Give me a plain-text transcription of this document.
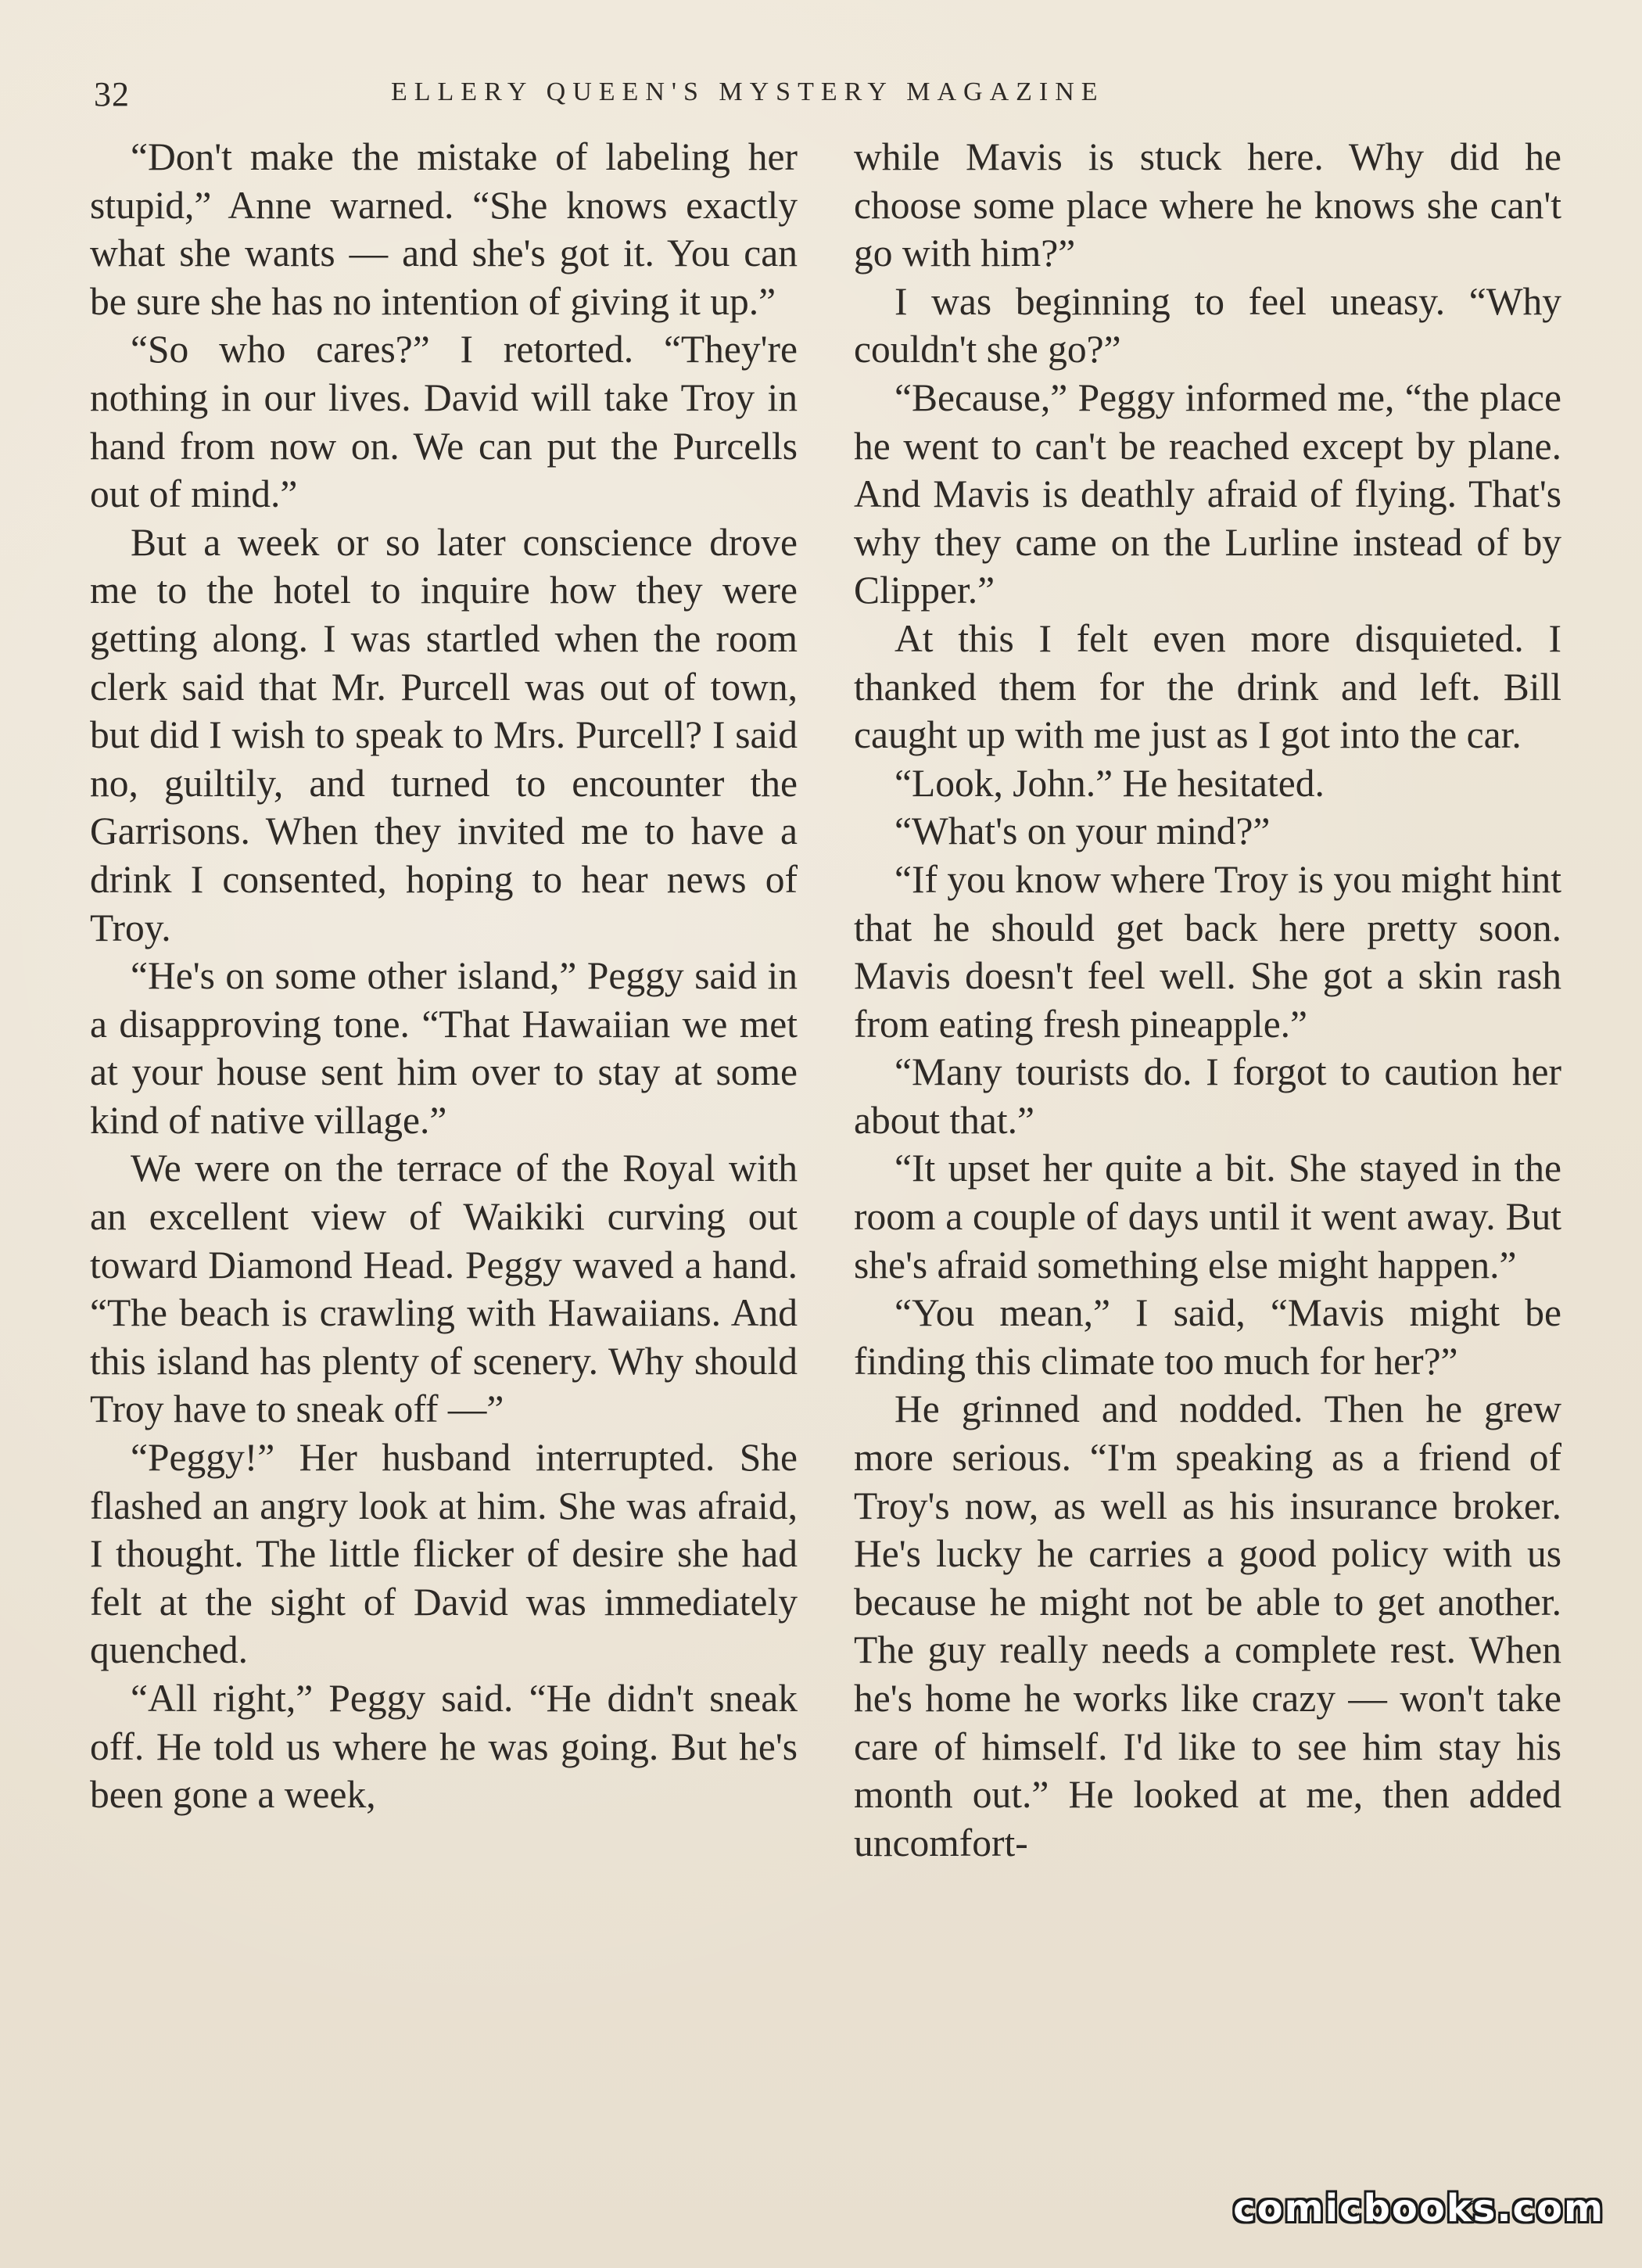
32	ELLERY QUEEN'S MYSTERY MAGAZINE

“Don't make the mistake of labeling her stupid,” Anne warned. “She knows exactly what she wants — and she's got it. You can be sure she has no intention of giving it up.”

“So who cares?” I retorted. “They're nothing in our lives. David will take Troy in hand from now on. We can put the Purcells out of mind.”

But a week or so later conscience drove me to the hotel to inquire how they were getting along. I was startled when the room clerk said that Mr. Purcell was out of town, but did I wish to speak to Mrs. Purcell? I said no, guiltily, and turned to encounter the Garrisons. When they invited me to have a drink I consented, hoping to hear news of Troy.

“He's on some other island,” Peggy said in a disapproving tone. “That Hawaiian we met at your house sent him over to stay at some kind of native village.”

We were on the terrace of the Royal with an excellent view of Waikiki curving out toward Diamond Head. Peggy waved a hand. “The beach is crawling with Hawaiians. And this island has plenty of scenery. Why should Troy have to sneak off —”

“Peggy!” Her husband interrupted. She flashed an angry look at him. She was afraid, I thought. The little flicker of desire she had felt at the sight of David was immediately quenched.

“All right,” Peggy said. “He didn't sneak off. He told us where he was going. But he's been gone a week,

while Mavis is stuck here. Why did he choose some place where he knows she can't go with him?”

I was beginning to feel uneasy. “Why couldn't she go?”

“Because,” Peggy informed me, “the place he went to can't be reached except by plane. And Mavis is deathly afraid of flying. That's why they came on the Lurline instead of by Clipper.”

At this I felt even more disquieted. I thanked them for the drink and left. Bill caught up with me just as I got into the car.

“Look, John.” He hesitated.

“What's on your mind?”

“If you know where Troy is you might hint that he should get back here pretty soon. Mavis doesn't feel well. She got a skin rash from eating fresh pineapple.”

“Many tourists do. I forgot to caution her about that.”

“It upset her quite a bit. She stayed in the room a couple of days until it went away. But she's afraid something else might happen.”

“You mean,” I said, “Mavis might be finding this climate too much for her?”

He grinned and nodded. Then he grew more serious. “I'm speaking as a friend of Troy's now, as well as his insurance broker. He's lucky he carries a good policy with us because he might not be able to get another. The guy really needs a complete rest. When he's home he works like crazy — won't take care of himself. I'd like to see him stay his month out.” He looked at me, then added uncomfort-

comicbooks.com
